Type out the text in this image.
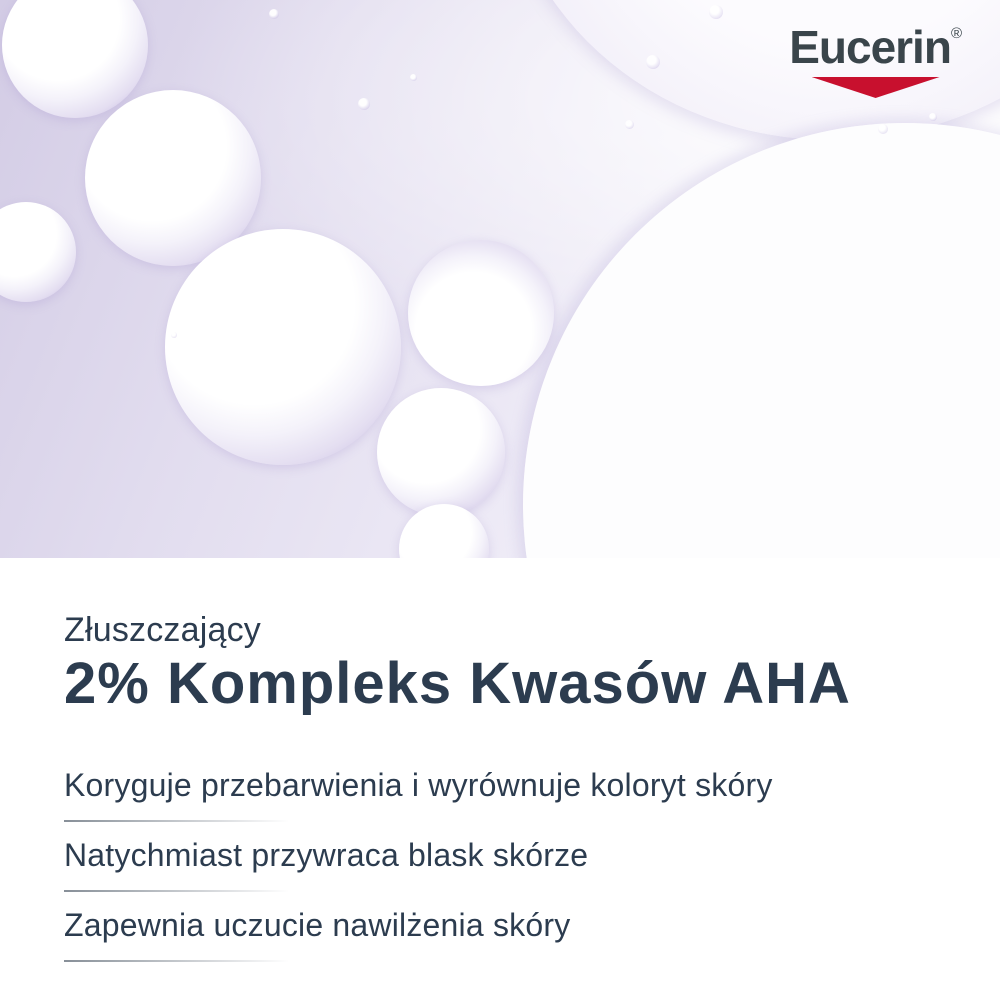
Eucerin®
Złuszczający
2% Kompleks Kwasów AHA
Koryguje przebarwienia i wyrównuje koloryt skóry
Natychmiast przywraca blask skórze
Zapewnia uczucie nawilżenia skóry
